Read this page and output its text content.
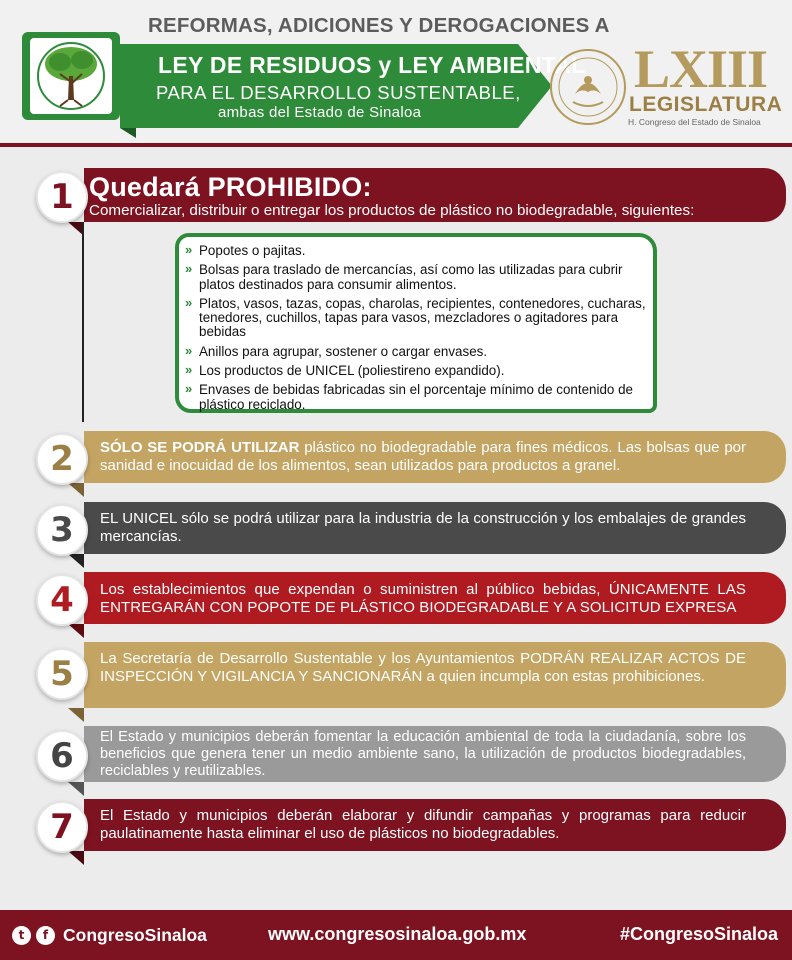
REFORMAS, ADICIONES Y DEROGACIONES A
LEY DE RESIDUOS y LEY AMBIENTAL
PARA EL DESARROLLO SUSTENTABLE,
ambas del Estado de Sinaloa
LXIII
LEGISLATURA
H. Congreso del Estado de Sinaloa
1 Quedará PROHIBIDO:
Comercializar, distribuir o entregar los productos de plástico no biodegradable, siguientes:
» Popotes o pajitas.
» Bolsas para traslado de mercancías, así como las utilizadas para cubrir platos destinados para consumir alimentos.
» Platos, vasos, tazas, copas, charolas, recipientes, contenedores, cucharas, tenedores, cuchillos, tapas para vasos, mezcladores o agitadores para bebidas
» Anillos para agrupar, sostener o cargar envases.
» Los productos de UNICEL (poliestireno expandido).
» Envases de bebidas fabricadas sin el porcentaje mínimo de contenido de plástico reciclado.
2	SÓLO SE PODRÁ UTILIZAR plástico no biodegradable para fines médicos. Las bolsas que por sanidad e inocuidad de los alimentos, sean utilizados para productos a granel.
3	EL UNICEL sólo se podrá utilizar para la industria de la construcción y los embalajes de grandes mercancías.
4	Los establecimientos que expendan o suministren al público bebidas, ÚNICAMENTE LAS ENTREGARÁN CON POPOTE DE PLÁSTICO BIODEGRADABLE Y A SOLICITUD EXPRESA
5	La Secretaría de Desarrollo Sustentable y los Ayuntamientos PODRÁN REALIZAR ACTOS DE INSPECCIÓN Y VIGILANCIA Y SANCIONARÁN a quien incumpla con estas prohibiciones.
6	El Estado y municipios deberán fomentar la educación ambiental de toda la ciudadanía, sobre los beneficios que genera tener un medio ambiente sano, la utilización de productos biodegradables, reciclables y reutilizables.
7	El Estado y municipios deberán elaborar y difundir campañas y programas para reducir paulatinamente hasta eliminar el uso de plásticos no biodegradables.
t	f CongresoSinaloa	www.congresosinaloa.gob.mx	#CongresoSinaloa
